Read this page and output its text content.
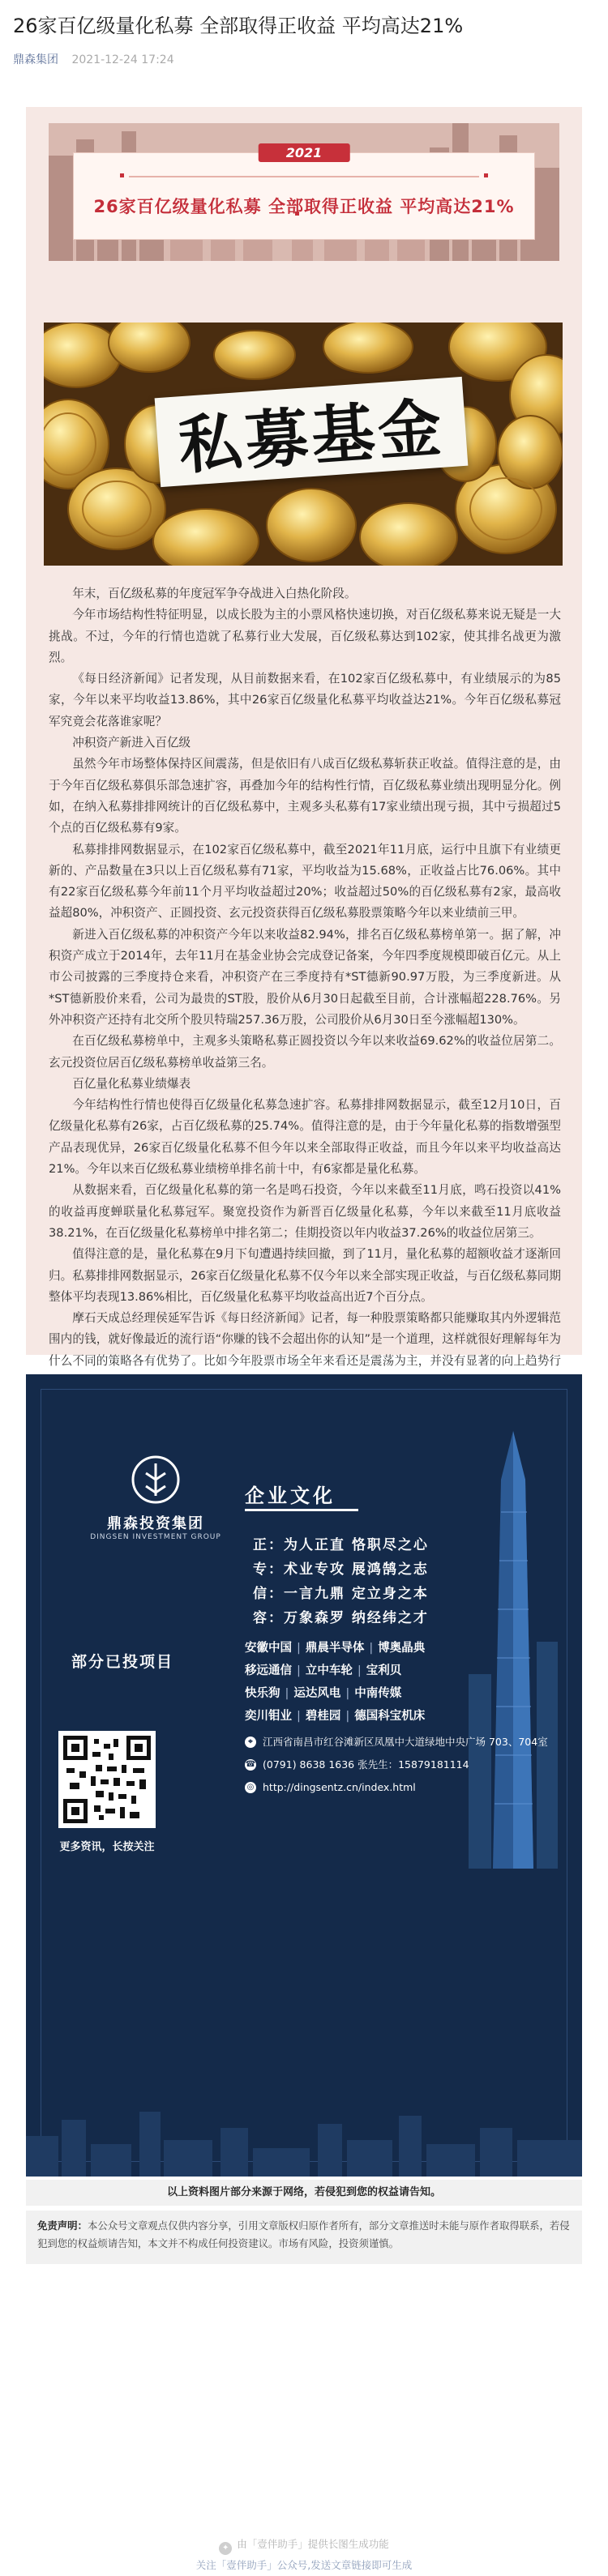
26家百亿级量化私募 全部取得正收益 平均高达21%
鼎森集团 2021-12-24 17:24
2021
26家百亿级量化私募 全部取得正收益 平均高达21%
私募基金

年末，百亿级私募的年度冠军争夺战进入白热化阶段。

今年市场结构性特征明显，以成长股为主的小票风格快速切换，对百亿级私募来说无疑是一大挑战。不过，今年的行情也造就了私募行业大发展，百亿级私募达到102家，使其排名战更为激烈。

《每日经济新闻》记者发现，从目前数据来看，在102家百亿级私募中，有业绩展示的为85家，今年以来平均收益13.86%，其中26家百亿级量化私募平均收益达21%。今年百亿级私募冠军究竟会花落谁家呢？

冲积资产新进入百亿级

虽然今年市场整体保持区间震荡，但是依旧有八成百亿级私募斩获正收益。值得注意的是，由于今年百亿级私募俱乐部急速扩容，再叠加今年的结构性行情，百亿级私募业绩出现明显分化。例如，在纳入私募排排网统计的百亿级私募中，主观多头私募有17家业绩出现亏损，其中亏损超过5个点的百亿级私募有9家。

私募排排网数据显示，在102家百亿级私募中，截至2021年11月底，运行中且旗下有业绩更新的、产品数量在3只以上百亿级私募有71家，平均收益为15.68%，正收益占比76.06%。其中有22家百亿级私募今年前11个月平均收益超过20%；收益超过50%的百亿级私募有2家，最高收益超80%，冲积资产、正圆投资、玄元投资获得百亿级私募股票策略今年以来业绩前三甲。

新进入百亿级私募的冲积资产今年以来收益82.94%，排名百亿级私募榜单第一。据了解，冲积资产成立于2014年，去年11月在基金业协会完成登记备案，今年四季度规模即破百亿元。从上市公司披露的三季度持仓来看，冲积资产在三季度持有*ST德新90.97万股，为三季度新进。从*ST德新股价来看，公司为最贵的ST股，股价从6月30日起截至目前，合计涨幅超228.76%。另外冲积资产还持有北交所个股贝特瑞257.36万股，公司股价从6月30日至今涨幅超130%。

在百亿级私募榜单中，主观多头策略私募正圆投资以今年以来收益69.62%的收益位居第二。玄元投资位居百亿级私募榜单收益第三名。

百亿量化私募业绩爆表

今年结构性行情也使得百亿级量化私募急速扩容。私募排排网数据显示，截至12月10日，百亿级量化私募有26家，占百亿级私募的25.74%。值得注意的是，由于今年量化私募的指数增强型产品表现优异，26家百亿级量化私募不但今年以来全部取得正收益，而且今年以来平均收益高达21%。今年以来百亿级私募业绩榜单排名前十中，有6家都是量化私募。

从数据来看，百亿级量化私募的第一名是鸣石投资，今年以来截至11月底，鸣石投资以41%的收益再度蝉联量化私募冠军。聚宽投资作为新晋百亿级量化私募，今年以来截至11月底收益38.21%，在百亿级量化私募榜单中排名第二；佳期投资以年内收益37.26%的收益位居第三。

值得注意的是，量化私募在9月下旬遭遇持续回撤，到了11月，量化私募的超额收益才逐渐回归。私募排排网数据显示，26家百亿级量化私募不仅今年以来全部实现正收益，与百亿级私募同期整体平均表现13.86%相比，百亿级量化私募平均收益高出近7个百分点。

摩石天成总经理侯延军告诉《每日经济新闻》记者，每一种股票策略都只能赚取其内外逻辑范围内的钱，就好像最近的流行语“你赚的钱不会超出你的认知”是一个道理，这样就很好理解每年为什么不同的策略各有优势了。比如今年股票市场全年来看还是震荡为主，并没有显著的向上趋势行

鼎森投资集团
DINGSEN INVESTMENT GROUP
企业文化
正：为人正直 恪职尽之心
专：术业专攻 展鸿鹄之志
信：一言九鼎 定立身之本
容：万象森罗 纳经纬之才
部分已投项目
安徽中国 | 鼎晨半导体 | 博奥晶典
移远通信 | 立中车轮 | 宝利贝
快乐狗 | 运达风电 | 中南传媒
奕川钼业 | 碧桂园 | 德国科宝机床
更多资讯，长按关注
⌖ 江西省南昌市红谷滩新区凤凰中大道绿地中央广场 703、704室
☎ (0791) 8638 1636 张先生：15879181114
◎ http://dingsentz.cn/index.html
以上资料图片部分来源于网络，若侵犯到您的权益请告知。
免责声明：本公众号文章观点仅供内容分享，引用文章版权归原作者所有，部分文章推送时未能与原作者取得联系，若侵犯到您的权益烦请告知，本文并不构成任何投资建议。市场有风险，投资须谨慎。
✦ 由「壹伴助手」提供长图生成功能
关注「壹伴助手」公众号,发送文章链接即可生成
